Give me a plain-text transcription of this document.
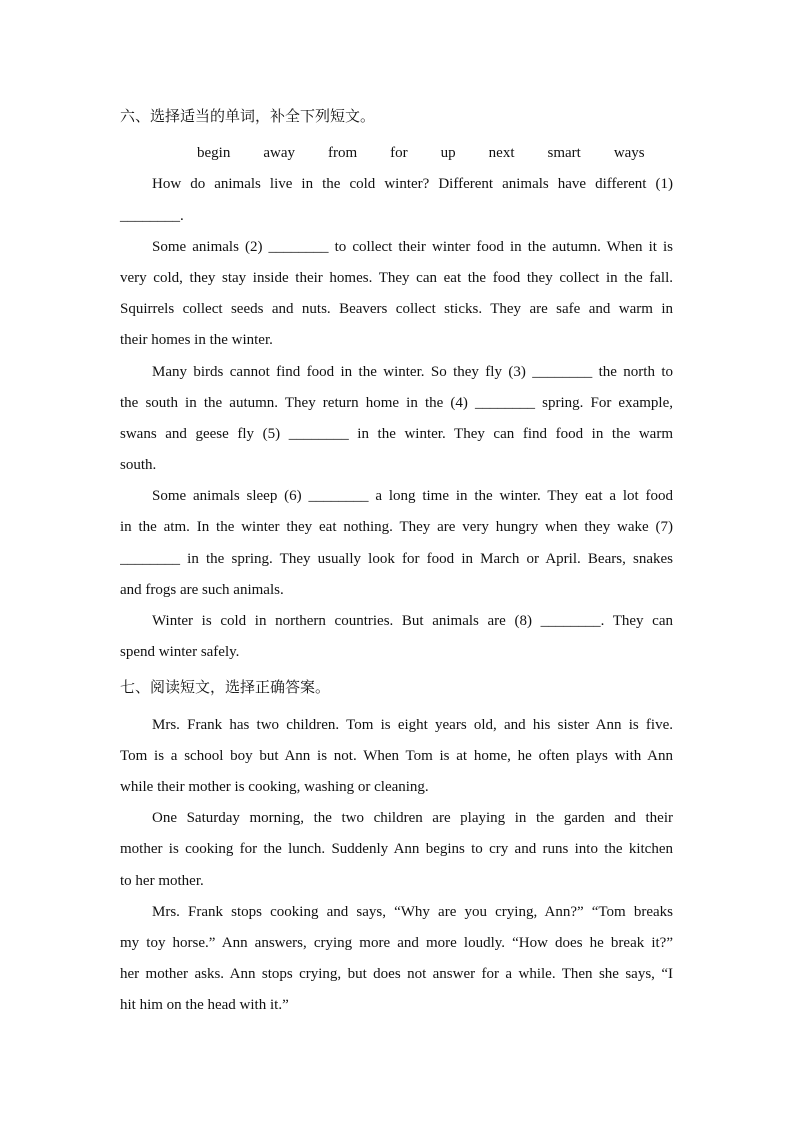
六、选择适当的单词，补全下列短文。
begin away from for up next smart ways
How do animals live in the cold winter? Different animals have different (1)
________.
Some animals (2) ________ to collect their winter food in the autumn. When it is
very cold, they stay inside their homes. They can eat the food they collect in the fall.
Squirrels collect seeds and nuts. Beavers collect sticks. They are safe and warm in
their homes in the winter.
Many birds cannot find food in the winter. So they fly (3) ________ the north to
the south in the autumn. They return home in the (4) ________ spring. For example,
swans and geese fly (5) ________ in the winter. They can find food in the warm
south.
Some animals sleep (6) ________ a long time in the winter. They eat a lot food
in the atm. In the winter they eat nothing. They are very hungry when they wake (7)
________ in the spring. They usually look for food in March or April. Bears, snakes
and frogs are such animals.
Winter is cold in northern countries. But animals are (8) ________. They can
spend winter safely.
七、阅读短文，选择正确答案。
Mrs. Frank has two children. Tom is eight years old, and his sister Ann is five.
Tom is a school boy but Ann is not. When Tom is at home, he often plays with Ann
while their mother is cooking, washing or cleaning.
One Saturday morning, the two children are playing in the garden and their
mother is cooking for the lunch. Suddenly Ann begins to cry and runs into the kitchen
to her mother.
Mrs. Frank stops cooking and says, “Why are you crying, Ann?” “Tom breaks
my toy horse.” Ann answers, crying more and more loudly. “How does he break it?”
her mother asks. Ann stops crying, but does not answer for a while. Then she says, “I
hit him on the head with it.”
